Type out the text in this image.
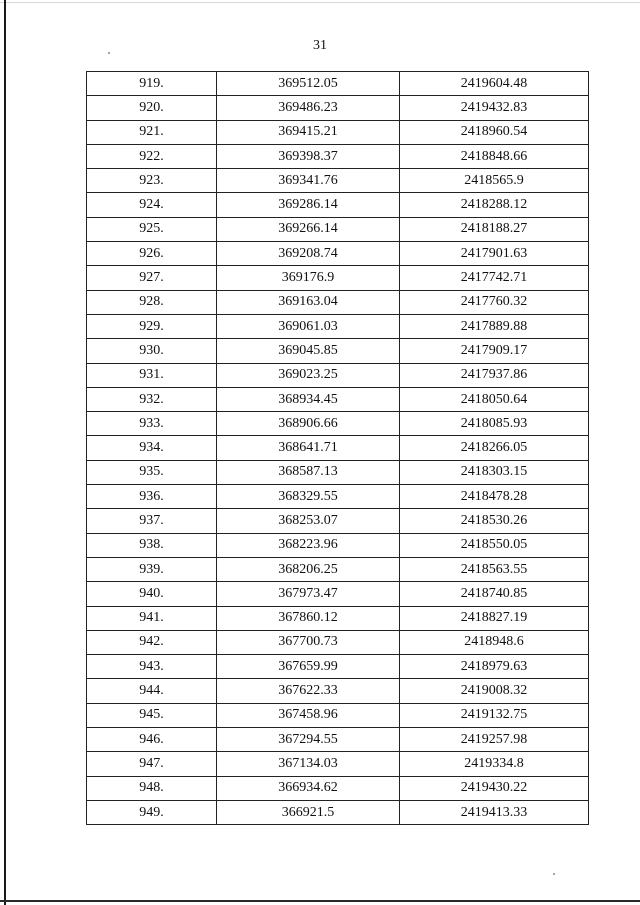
31
919.	369512.05	2419604.48
920.	369486.23	2419432.83
921.	369415.21	2418960.54
922.	369398.37	2418848.66
923.	369341.76	2418565.9
924.	369286.14	2418288.12
925.	369266.14	2418188.27
926.	369208.74	2417901.63
927.	369176.9	2417742.71
928.	369163.04	2417760.32
929.	369061.03	2417889.88
930.	369045.85	2417909.17
931.	369023.25	2417937.86
932.	368934.45	2418050.64
933.	368906.66	2418085.93
934.	368641.71	2418266.05
935.	368587.13	2418303.15
936.	368329.55	2418478.28
937.	368253.07	2418530.26
938.	368223.96	2418550.05
939.	368206.25	2418563.55
940.	367973.47	2418740.85
941.	367860.12	2418827.19
942.	367700.73	2418948.6
943.	367659.99	2418979.63
944.	367622.33	2419008.32
945.	367458.96	2419132.75
946.	367294.55	2419257.98
947.	367134.03	2419334.8
948.	366934.62	2419430.22
949.	366921.5	2419413.33
